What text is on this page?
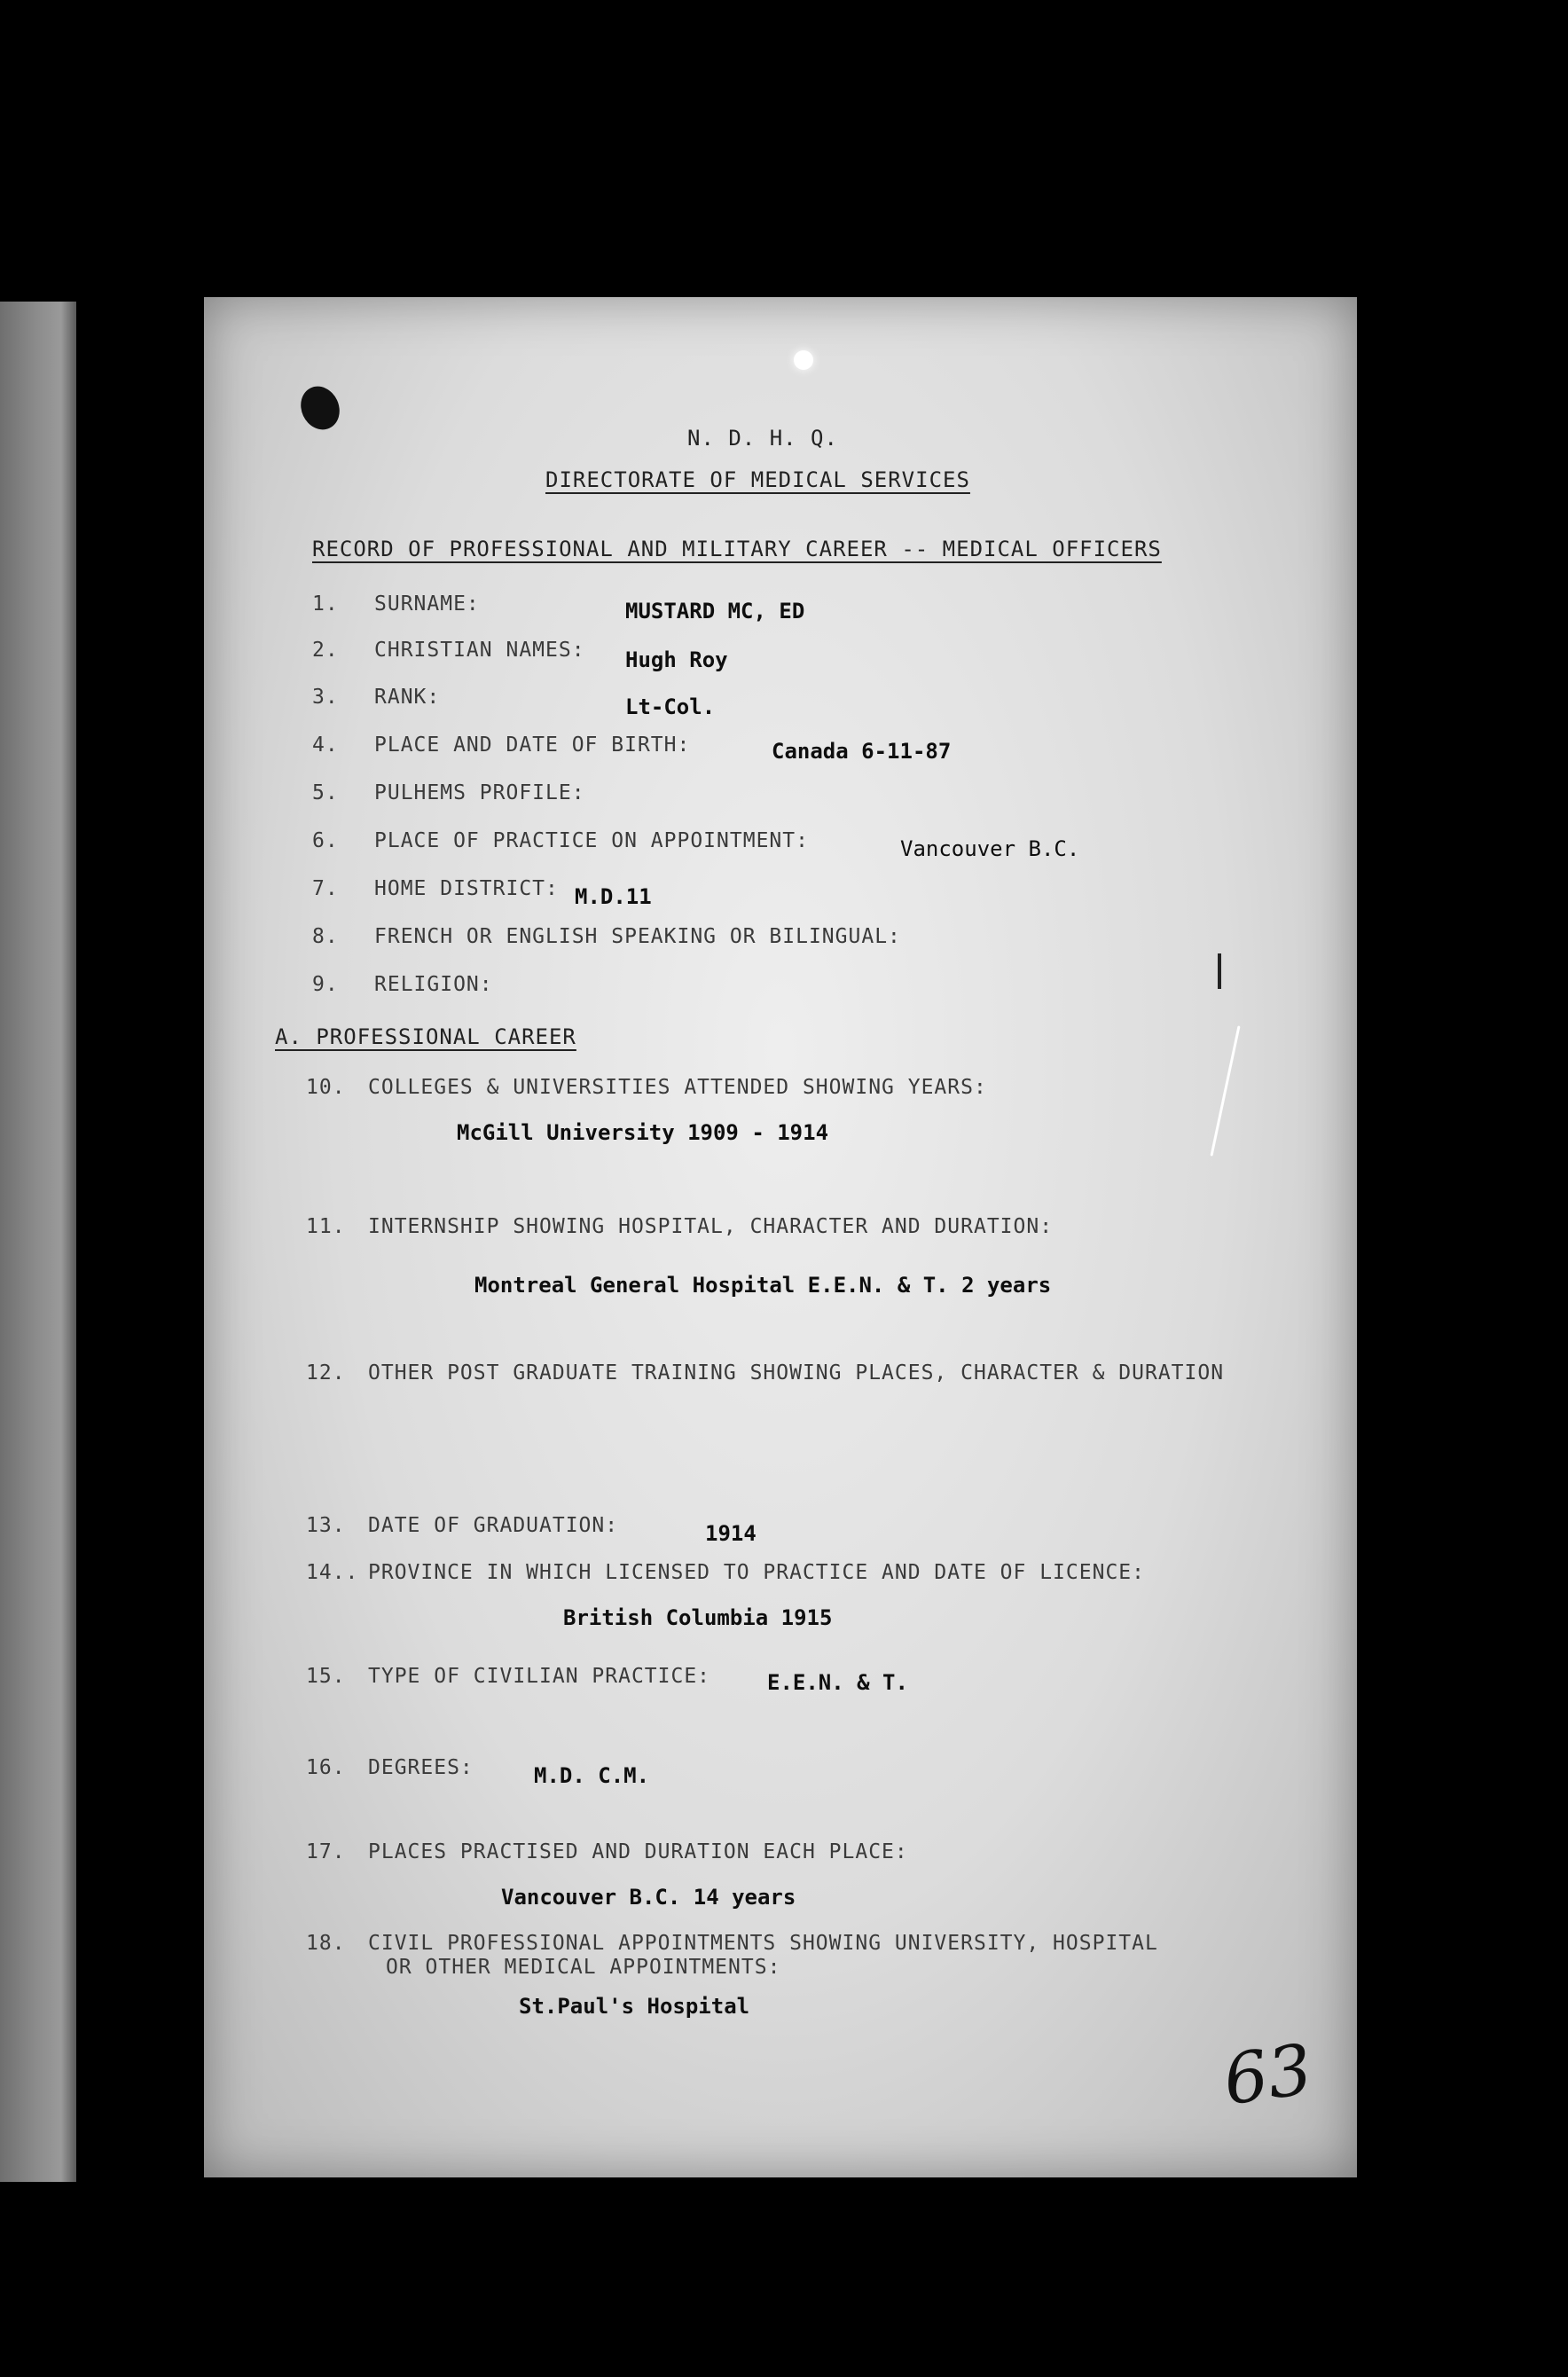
N. D. H. Q.
DIRECTORATE OF MEDICAL SERVICES
RECORD OF PROFESSIONAL AND MILITARY CAREER -- MEDICAL OFFICERS
1. SURNAME:	MUSTARD MC, ED
2. CHRISTIAN NAMES: Hugh Roy
3. RANK:	Lt-Col.
4. PLACE AND DATE OF BIRTH:	Canada 6-11-87
5. PULHEMS PROFILE:
6. PLACE OF PRACTICE ON APPOINTMENT:	Vancouver B.C.
7. HOME DISTRICT: M.D.11
8. FRENCH OR ENGLISH SPEAKING OR BILINGUAL:
9. RELIGION:
A. PROFESSIONAL CAREER
10. COLLEGES & UNIVERSITIES ATTENDED SHOWING YEARS:
McGill University 1909 - 1914
11. INTERNSHIP SHOWING HOSPITAL, CHARACTER AND DURATION:
Montreal General Hospital E.E.N. & T. 2 years
12. OTHER POST GRADUATE TRAINING SHOWING PLACES, CHARACTER & DURATION
13. DATE OF GRADUATION:	1914
14.. PROVINCE IN WHICH LICENSED TO PRACTICE AND DATE OF LICENCE:
British Columbia 1915
15. TYPE OF CIVILIAN PRACTICE:	E.E.N. & T.
16. DEGREES:	M.D. C.M.
17. PLACES PRACTISED AND DURATION EACH PLACE:
Vancouver B.C. 14 years
18. CIVIL PROFESSIONAL APPOINTMENTS SHOWING UNIVERSITY, HOSPITAL
OR OTHER MEDICAL APPOINTMENTS:
St.Paul's Hospital
63
